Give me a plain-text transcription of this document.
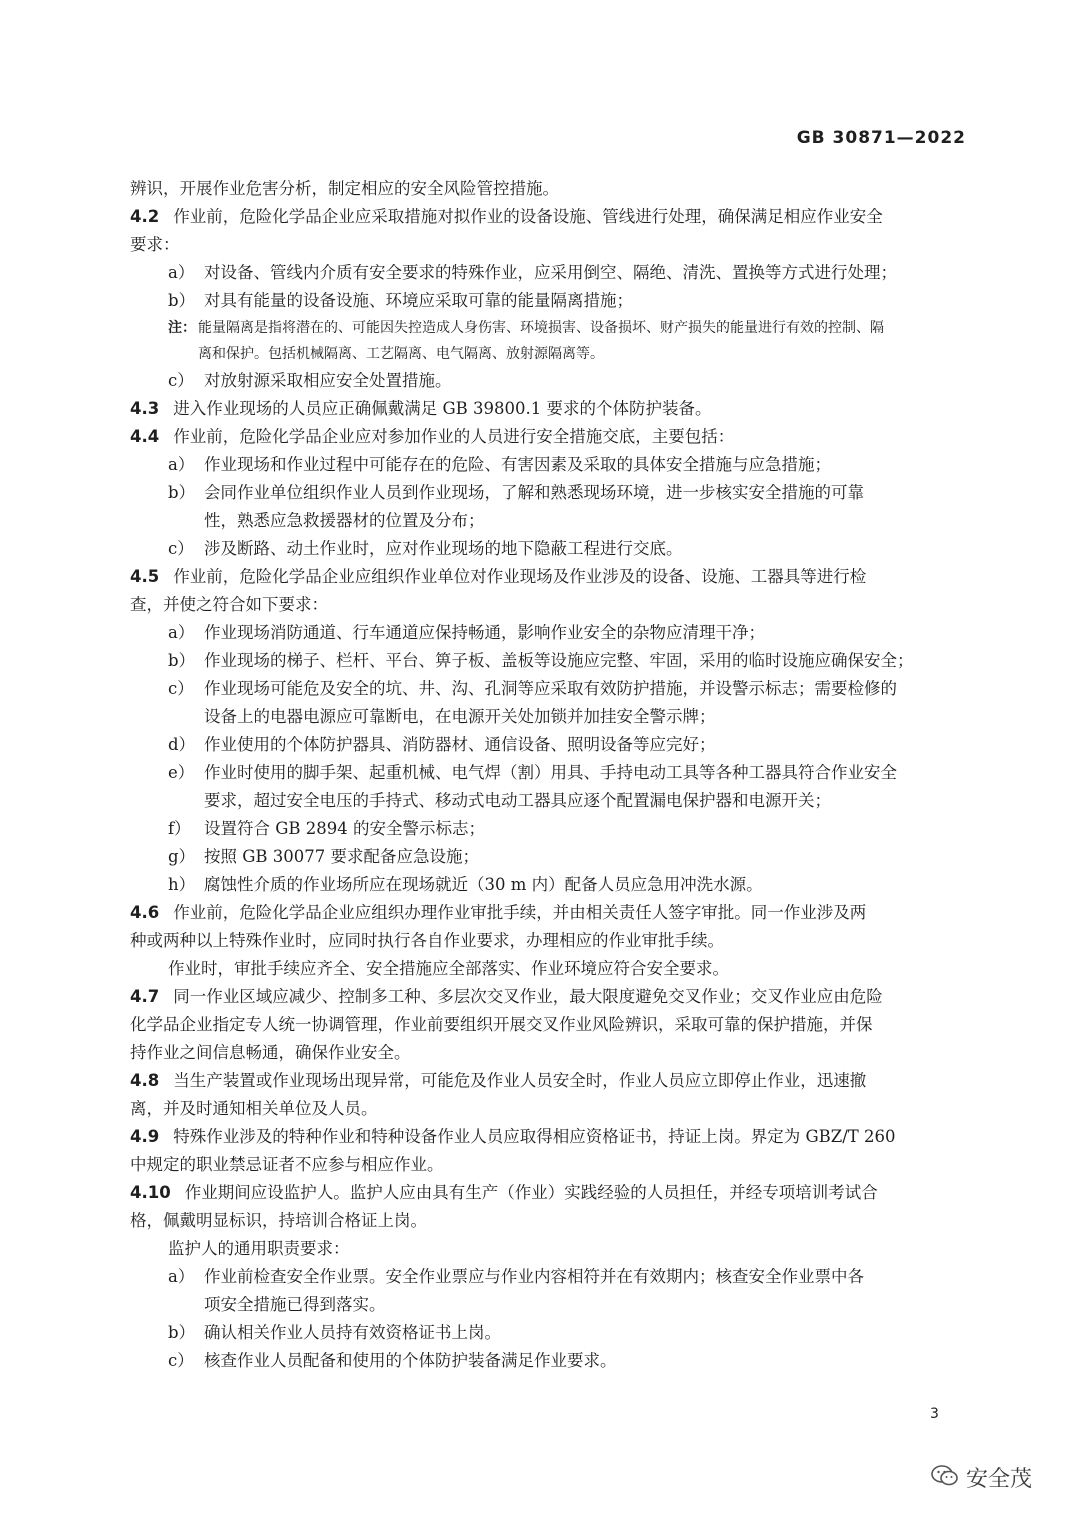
GB 30871—2022
辨识，开展作业危害分析，制定相应的安全风险管控措施。
4.2 作业前，危险化学品企业应采取措施对拟作业的设备设施、管线进行处理，确保满足相应作业安全
要求：
a） 对设备、管线内介质有安全要求的特殊作业，应采用倒空、隔绝、清洗、置换等方式进行处理；
b） 对具有能量的设备设施、环境应采取可靠的能量隔离措施；
注： 能量隔离是指将潜在的、可能因失控造成人身伤害、环境损害、设备损坏、财产损失的能量进行有效的控制、隔
离和保护。包括机械隔离、工艺隔离、电气隔离、放射源隔离等。
c） 对放射源采取相应安全处置措施。
4.3 进入作业现场的人员应正确佩戴满足 GB 39800.1 要求的个体防护装备。
4.4 作业前，危险化学品企业应对参加作业的人员进行安全措施交底，主要包括：
a） 作业现场和作业过程中可能存在的危险、有害因素及采取的具体安全措施与应急措施；
b） 会同作业单位组织作业人员到作业现场，了解和熟悉现场环境，进一步核实安全措施的可靠
性，熟悉应急救援器材的位置及分布；
c） 涉及断路、动土作业时，应对作业现场的地下隐蔽工程进行交底。
4.5 作业前，危险化学品企业应组织作业单位对作业现场及作业涉及的设备、设施、工器具等进行检
查，并使之符合如下要求：
a） 作业现场消防通道、行车通道应保持畅通，影响作业安全的杂物应清理干净；
b） 作业现场的梯子、栏杆、平台、箅子板、盖板等设施应完整、牢固，采用的临时设施应确保安全；
c） 作业现场可能危及安全的坑、井、沟、孔洞等应采取有效防护措施，并设警示标志；需要检修的
设备上的电器电源应可靠断电，在电源开关处加锁并加挂安全警示牌；
d） 作业使用的个体防护器具、消防器材、通信设备、照明设备等应完好；
e） 作业时使用的脚手架、起重机械、电气焊（割）用具、手持电动工具等各种工器具符合作业安全
要求，超过安全电压的手持式、移动式电动工器具应逐个配置漏电保护器和电源开关；
f） 设置符合 GB 2894 的安全警示标志；
g） 按照 GB 30077 要求配备应急设施；
h） 腐蚀性介质的作业场所应在现场就近（30 m 内）配备人员应急用冲洗水源。
4.6 作业前，危险化学品企业应组织办理作业审批手续，并由相关责任人签字审批。同一作业涉及两
种或两种以上特殊作业时，应同时执行各自作业要求，办理相应的作业审批手续。
作业时，审批手续应齐全、安全措施应全部落实、作业环境应符合安全要求。
4.7 同一作业区域应减少、控制多工种、多层次交叉作业，最大限度避免交叉作业；交叉作业应由危险
化学品企业指定专人统一协调管理，作业前要组织开展交叉作业风险辨识，采取可靠的保护措施，并保
持作业之间信息畅通，确保作业安全。
4.8 当生产装置或作业现场出现异常，可能危及作业人员安全时，作业人员应立即停止作业，迅速撤
离，并及时通知相关单位及人员。
4.9 特殊作业涉及的特种作业和特种设备作业人员应取得相应资格证书，持证上岗。界定为 GBZ/T 260
中规定的职业禁忌证者不应参与相应作业。
4.10 作业期间应设监护人。监护人应由具有生产（作业）实践经验的人员担任，并经专项培训考试合
格，佩戴明显标识，持培训合格证上岗。
监护人的通用职责要求：
a） 作业前检查安全作业票。安全作业票应与作业内容相符并在有效期内；核查安全作业票中各
项安全措施已得到落实。
b） 确认相关作业人员持有效资格证书上岗。
c） 核查作业人员配备和使用的个体防护装备满足作业要求。
3
安全茂
